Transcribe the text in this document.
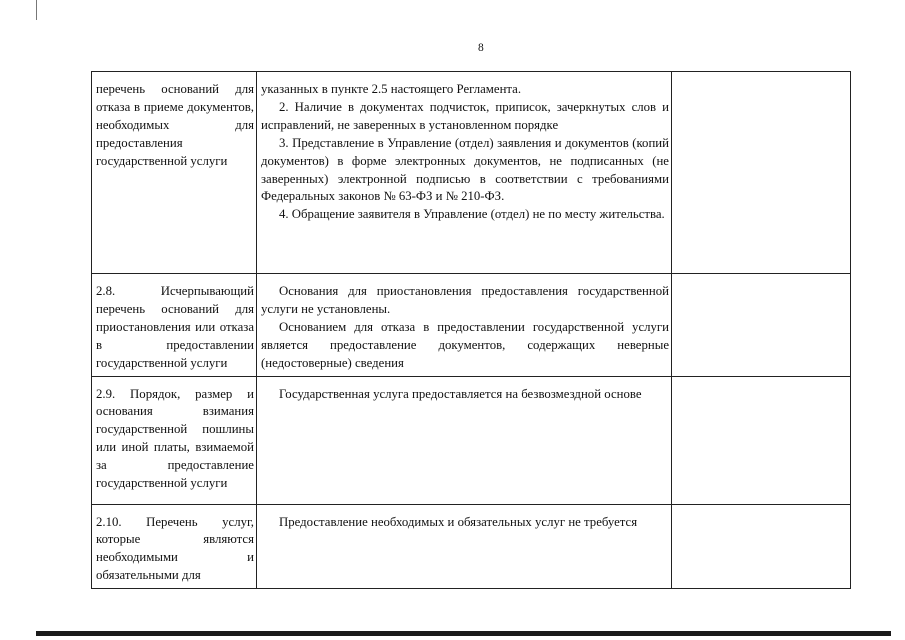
8
перечень оснований для отказа в приеме документов, необходимых для предоставления государственной услуги	указанных в пункте 2.5 настоящего Регламента.
2. Наличие в документах подчисток, приписок, зачеркнутых слов и исправлений, не заверенных в установленном порядке
3. Представление в Управление (отдел) заявления и документов (копий документов) в форме электронных документов, не подписанных (не заверенных) электронной подписью в соответствии с требованиями Федеральных законов № 63-ФЗ и № 210-ФЗ.
4. Обращение заявителя в Управление (отдел) не по месту жительства.	

2.8. Исчерпывающий перечень оснований для приостановления или отказа в предоставлении государственной услуги	Основания для приостановления предоставления государственной услуги не установлены.
Основанием для отказа в предоставлении государственной услуги является предоставление документов, содержащих неверные (недостоверные) сведения	

2.9. Порядок, размер и основания взимания государственной пошлины или иной платы, взимаемой за предоставление государственной услуги	Государственная услуга предоставляется на безвозмездной основе	

2.10. Перечень услуг, которые являются необходимыми и обязательными для	Предоставление необходимых и обязательных услуг не требуется	
